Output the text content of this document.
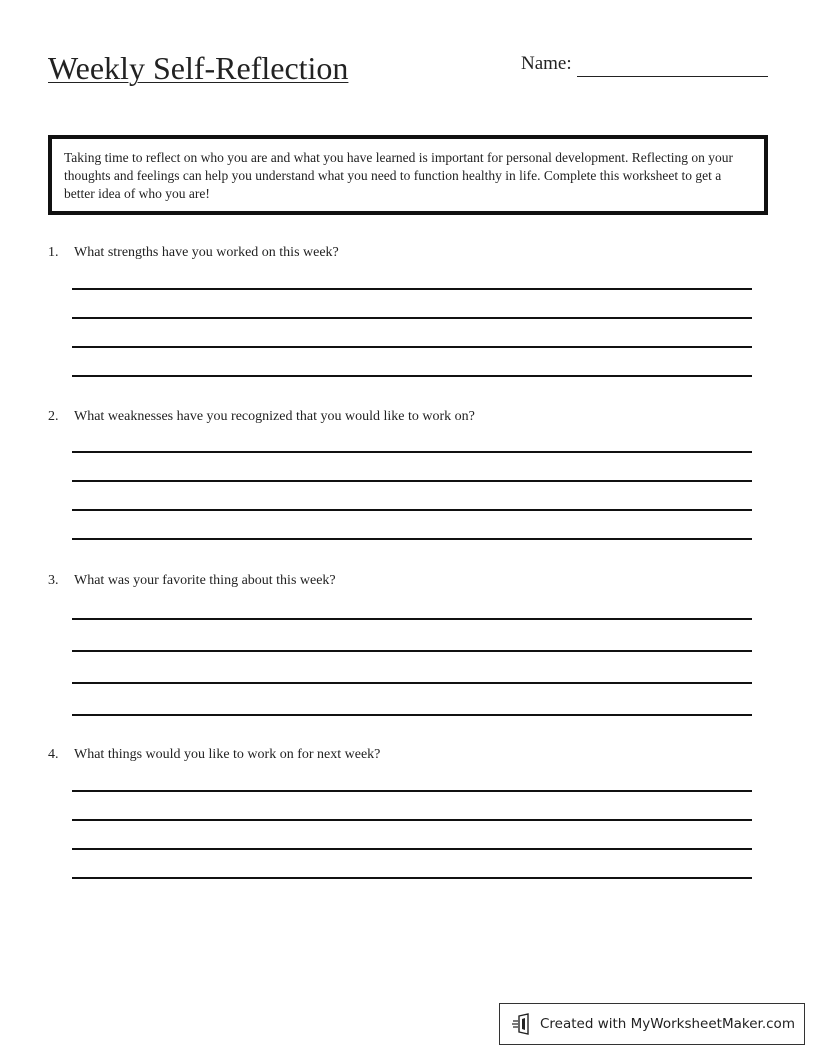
Weekly Self-Reflection	Name:
Taking time to reflect on who you are and what you have learned is important for personal development. Reflecting on your thoughts and feelings can help you understand what you need to function healthy in life. Complete this worksheet to get a better idea of who you are!
1. What strengths have you worked on this week?
2. What weaknesses have you recognized that you would like to work on?
3. What was your favorite thing about this week?
4. What things would you like to work on for next week?
Created with MyWorksheetMaker.com
